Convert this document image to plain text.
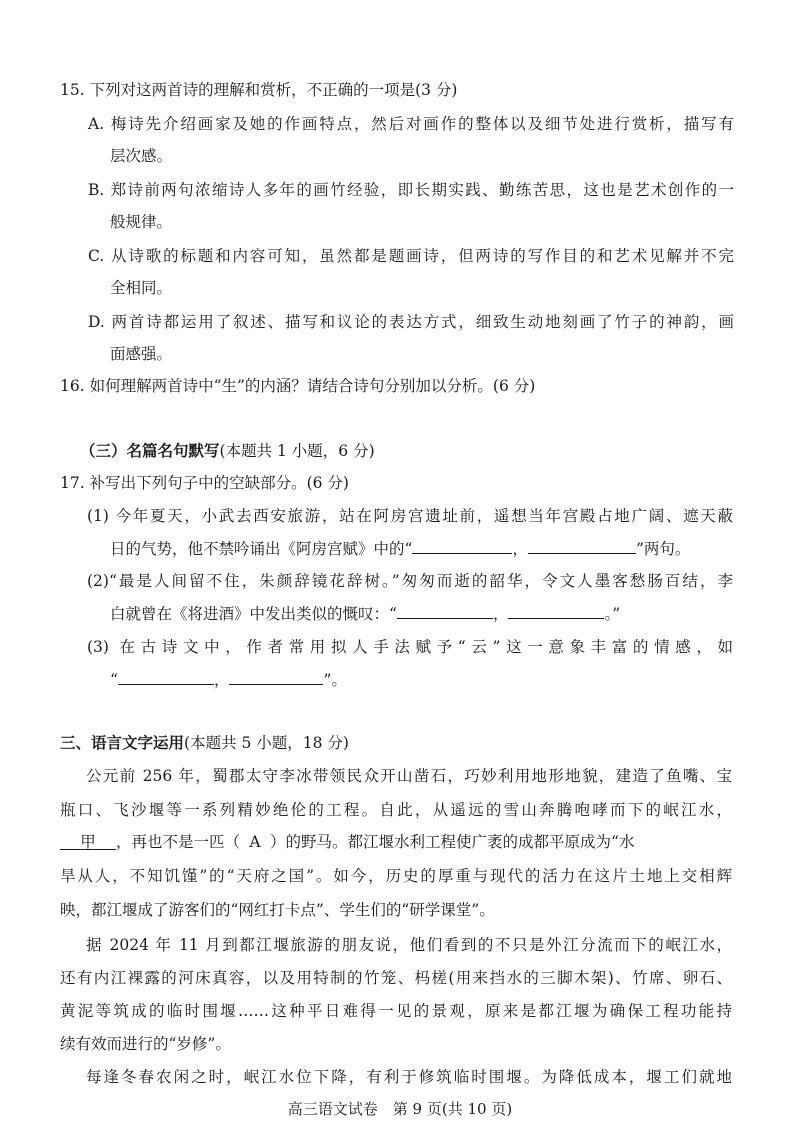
15. 下列对这两首诗的理解和赏析，不正确的一项是(3 分)
A. 梅诗先介绍画家及她的作画特点，然后对画作的整体以及细节处进行赏析，描写有
层次感。
B. 郑诗前两句浓缩诗人多年的画竹经验，即长期实践、勤练苦思，这也是艺术创作的一
般规律。
C. 从诗歌的标题和内容可知，虽然都是题画诗，但两诗的写作目的和艺术见解并不完
全相同。
D. 两首诗都运用了叙述、描写和议论的表达方式，细致生动地刻画了竹子的神韵，画
面感强。
16. 如何理解两首诗中“生”的内涵？请结合诗句分别加以分析。(6 分)
（三）名篇名句默写(本题共 1 小题，6 分)
17. 补写出下列句子中的空缺部分。(6 分)
(1) 今年夏天，小武去西安旅游，站在阿房宫遗址前，遥想当年宫殿占地广阔、遮天蔽
日的气势，他不禁吟诵出《阿房宫赋》中的“	，	”两句。
(2)“最是人间留不住，朱颜辞镜花辞树。”匆匆而逝的韶华，令文人墨客愁肠百结，李
白就曾在《将进酒》中发出类似的慨叹：“	，	。”
(3) 在古诗文中，作者常用拟人手法赋予“云”这一意象丰富的情感，如
“	，	”。
三、语言文字运用(本题共 5 小题，18 分)
公元前 256 年，蜀郡太守李冰带领民众开山凿石，巧妙利用地形地貌，建造了鱼嘴、宝
瓶口、飞沙堰等一系列精妙绝伦的工程。自此，从遥远的雪山奔腾咆哮而下的岷江水，
甲 ，再也不是一匹（ A ）的野马。都江堰水利工程使广袤的成都平原成为“水
旱从人，不知饥馑”的“天府之国”。如今，历史的厚重与现代的活力在这片土地上交相辉
映，都江堰成了游客们的“网红打卡点”、学生们的“研学课堂”。
据 2024 年 11 月到都江堰旅游的朋友说，他们看到的不只是外江分流而下的岷江水，
还有内江裸露的河床真容，以及用特制的竹笼、杩槎(用来挡水的三脚木架)、竹席、卵石、
黄泥等筑成的临时围堰……这种平日难得一见的景观，原来是都江堰为确保工程功能持
续有效而进行的“岁修”。
每逢冬春农闲之时，岷江水位下降，有利于修筑临时围堰。为降低成本，堰工们就地
高三语文试卷　第 9 页(共 10 页)
